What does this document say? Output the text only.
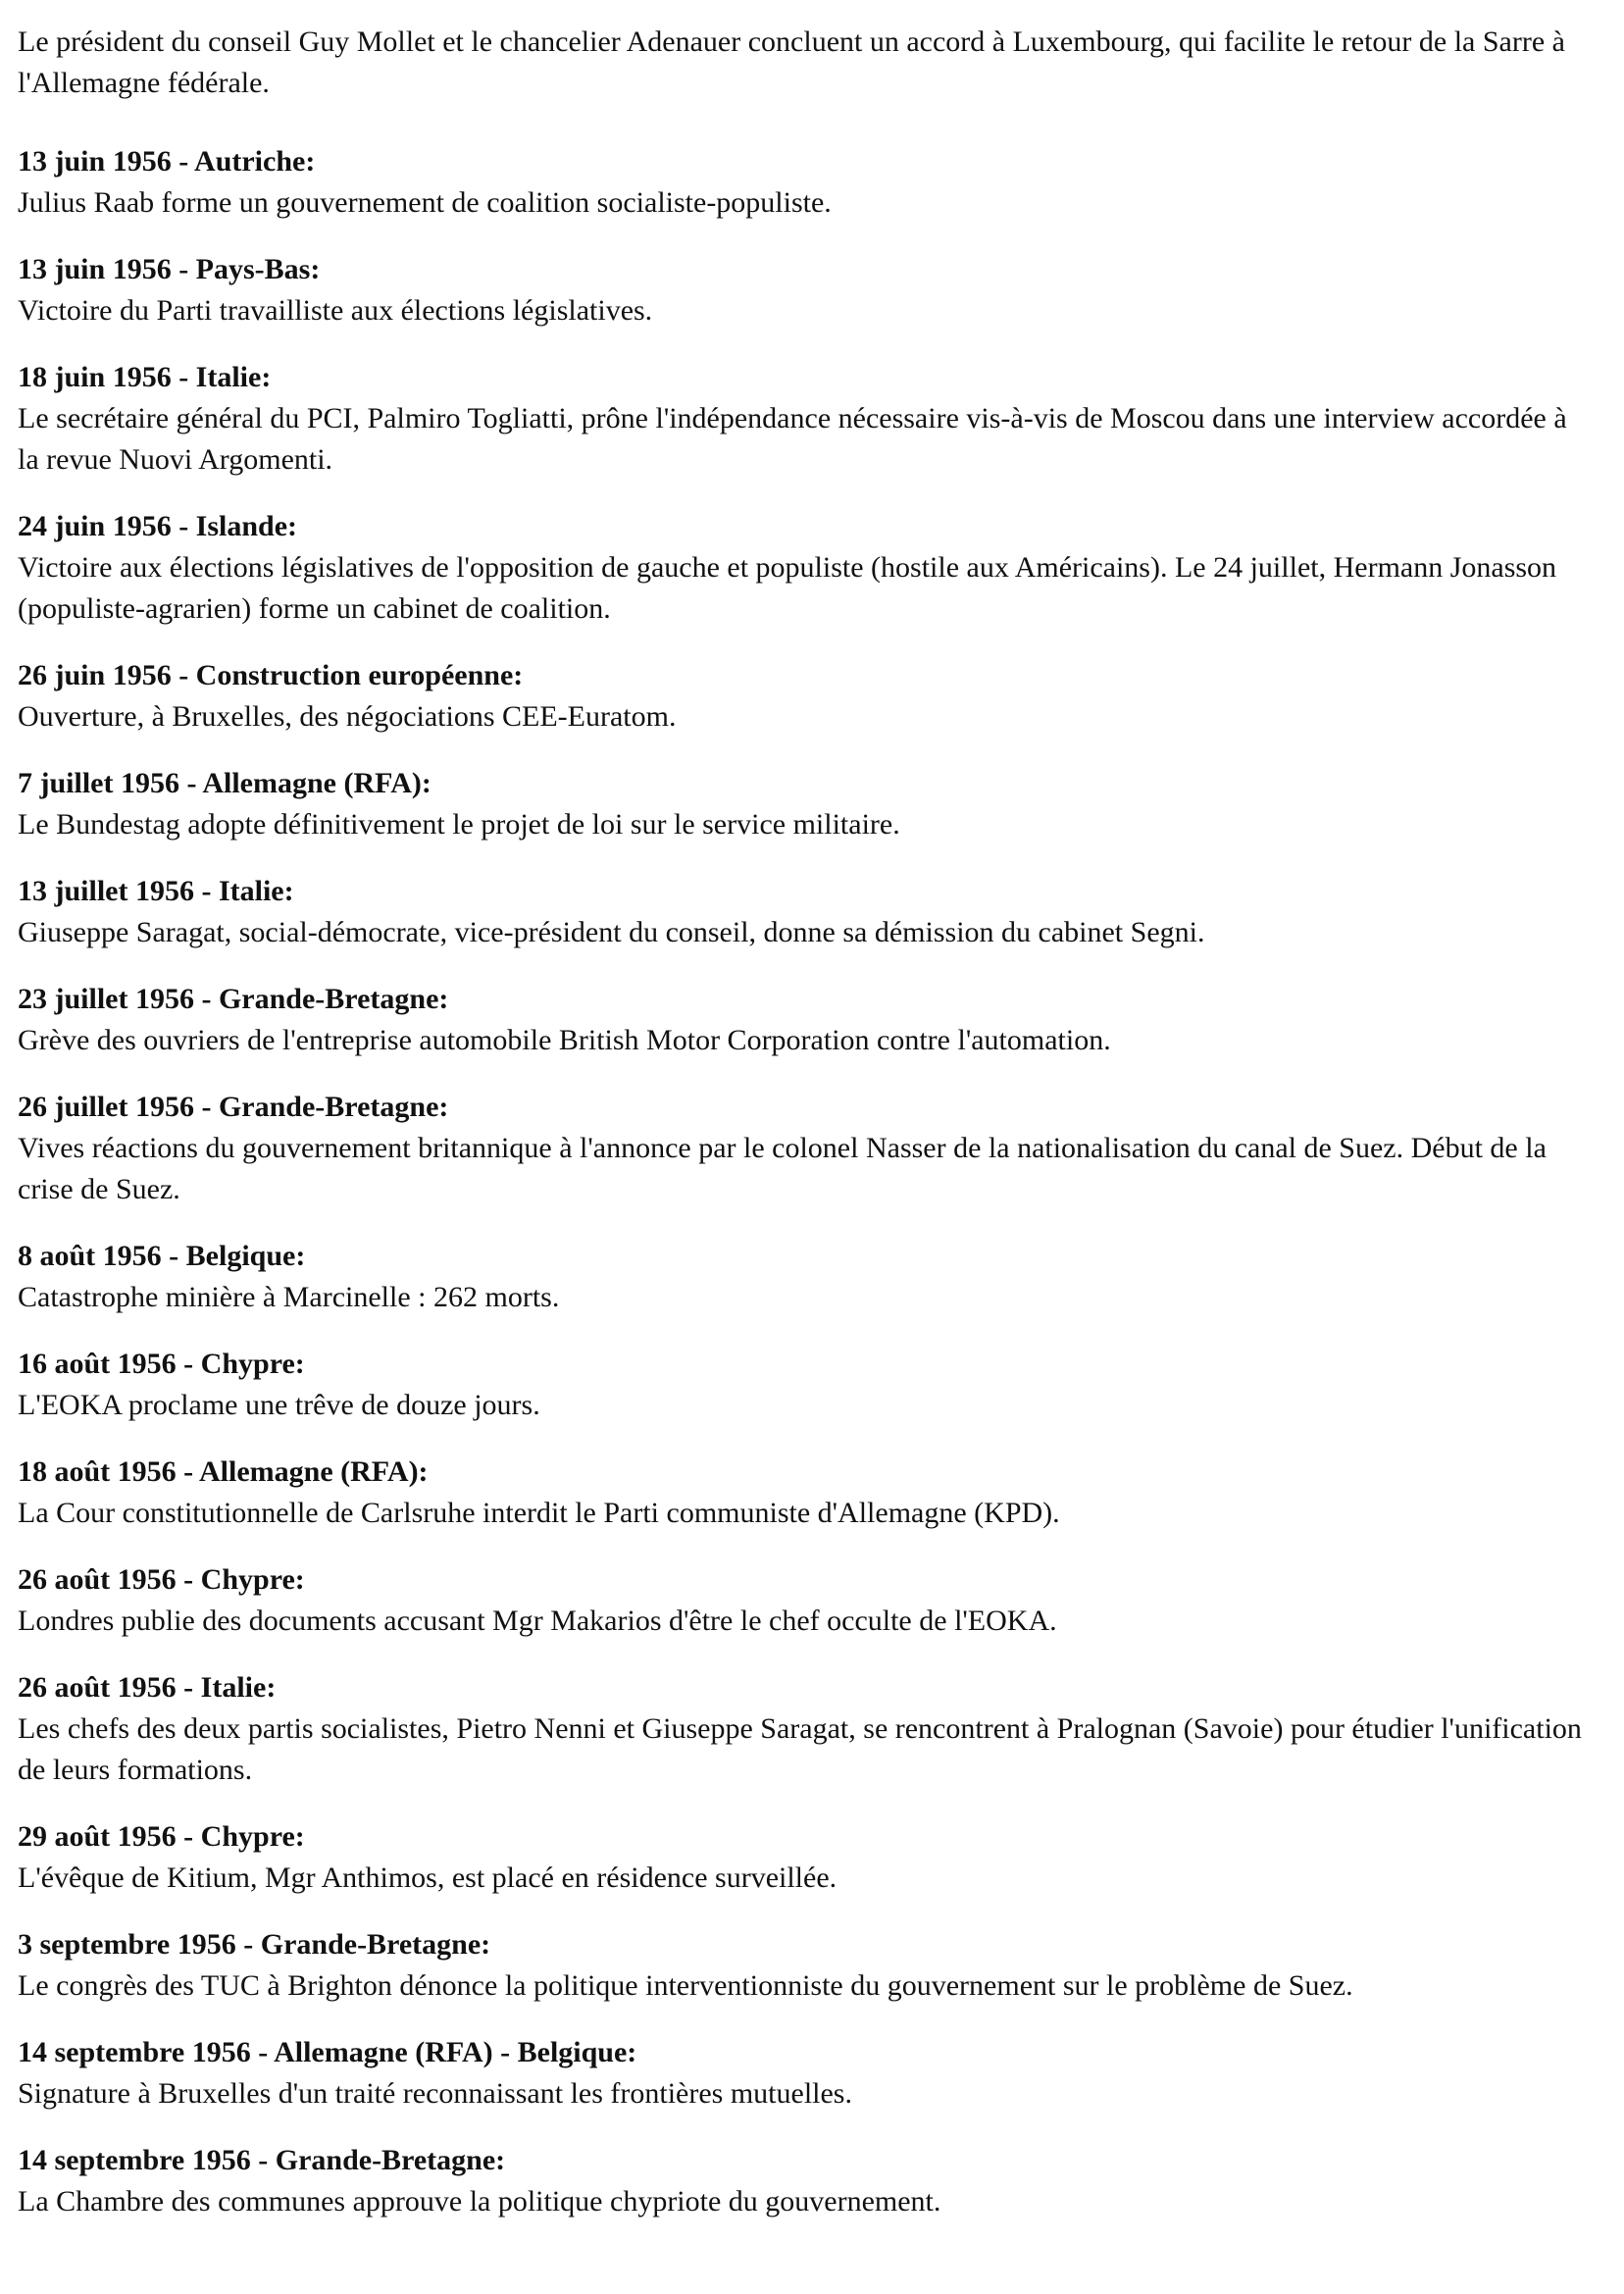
Le président du conseil Guy Mollet et le chancelier Adenauer concluent un accord à Luxembourg, qui facilite le retour de la Sarre à l'Allemagne fédérale.

13 juin 1956 - Autriche:
Julius Raab forme un gouvernement de coalition socialiste-populiste.
13 juin 1956 - Pays-Bas:
Victoire du Parti travailliste aux élections législatives.
18 juin 1956 - Italie:
Le secrétaire général du PCI, Palmiro Togliatti, prône l'indépendance nécessaire vis-à-vis de Moscou dans une interview accordée à la revue Nuovi Argomenti.
24 juin 1956 - Islande:
Victoire aux élections législatives de l'opposition de gauche et populiste (hostile aux Américains). Le 24 juillet, Hermann Jonasson (populiste-agrarien) forme un cabinet de coalition.
26 juin 1956 - Construction européenne:
Ouverture, à Bruxelles, des négociations CEE-Euratom.
7 juillet 1956 - Allemagne (RFA):
Le Bundestag adopte définitivement le projet de loi sur le service militaire.
13 juillet 1956 - Italie:
Giuseppe Saragat, social-démocrate, vice-président du conseil, donne sa démission du cabinet Segni.
23 juillet 1956 - Grande-Bretagne:
Grève des ouvriers de l'entreprise automobile British Motor Corporation contre l'automation.
26 juillet 1956 - Grande-Bretagne:
Vives réactions du gouvernement britannique à l'annonce par le colonel Nasser de la nationalisation du canal de Suez. Début de la crise de Suez.
8 août 1956 - Belgique:
Catastrophe minière à Marcinelle : 262 morts.
16 août 1956 - Chypre:
L'EOKA proclame une trêve de douze jours.
18 août 1956 - Allemagne (RFA):
La Cour constitutionnelle de Carlsruhe interdit le Parti communiste d'Allemagne (KPD).
26 août 1956 - Chypre:
Londres publie des documents accusant Mgr Makarios d'être le chef occulte de l'EOKA.
26 août 1956 - Italie:
Les chefs des deux partis socialistes, Pietro Nenni et Giuseppe Saragat, se rencontrent à Pralognan (Savoie) pour étudier l'unification de leurs formations.
29 août 1956 - Chypre:
L'évêque de Kitium, Mgr Anthimos, est placé en résidence surveillée.
3 septembre 1956 - Grande-Bretagne:
Le congrès des TUC à Brighton dénonce la politique interventionniste du gouvernement sur le problème de Suez.
14 septembre 1956 - Allemagne (RFA) - Belgique:
Signature à Bruxelles d'un traité reconnaissant les frontières mutuelles.
14 septembre 1956 - Grande-Bretagne:
La Chambre des communes approuve la politique chypriote du gouvernement.
